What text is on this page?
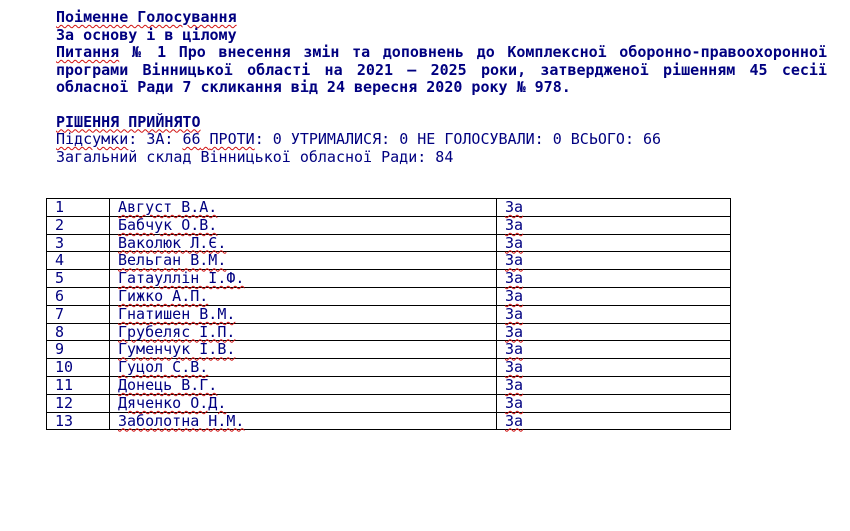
Поіменне Голосування
За основу і в цілому

Питання № 1 Про внесення змін та доповнень до Комплексної оборонно-правоохоронної програми Вінницької області на 2021 – 2025 роки, затвердженої рішенням 45 сесії обласної Ради 7 скликання від 24 вересня 2020 року № 978.

РІШЕННЯ ПРИЙНЯТО
Підсумки: ЗА: 66 ПРОТИ: 0 УТРИМАЛИСЯ: 0 НЕ ГОЛОСУВАЛИ: 0 ВСЬОГО: 66
Загальний склад Вінницької обласної Ради: 84
1	Август В.А.	За
2	Бабчук О.В.	За
3	Ваколюк Л.Є.	За
4	Вельган В.М.	За
5	Гатауллін І.Ф.	За
6	Гижко А.П.	За
7	Гнатишен В.М.	За
8	Грубеляс І.П.	За
9	Гуменчук І.В.	За
10	Гуцол С.В.	За
11	Донець В.Г.	За
12	Дяченко О.Д.	За
13	Заболотна Н.М.	За
